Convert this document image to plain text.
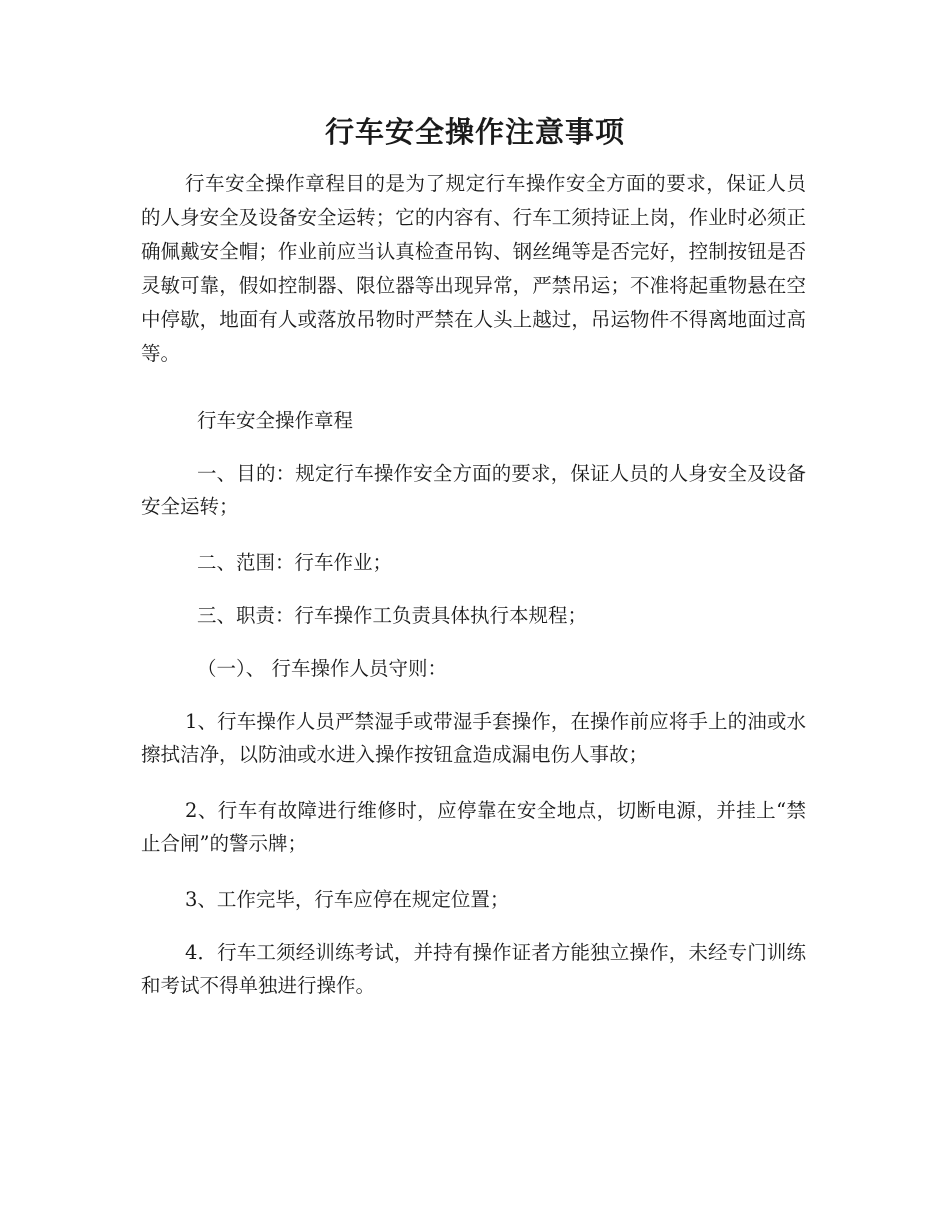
行车安全操作注意事项

行车安全操作章程目的是为了规定行车操作安全方面的要求，保证人员的人身安全及设备安全运转；它的内容有、行车工须持证上岗，作业时必须正确佩戴安全帽；作业前应当认真检查吊钩、钢丝绳等是否完好，控制按钮是否灵敏可靠，假如控制器、限位器等出现异常，严禁吊运；不准将起重物悬在空中停歇，地面有人或落放吊物时严禁在人头上越过，吊运物件不得离地面过高等。

行车安全操作章程

一、目的：规定行车操作安全方面的要求，保证人员的人身安全及设备安全运转；

二、范围：行车作业；

三、职责：行车操作工负责具体执行本规程；

（一）、 行车操作人员守则：

1、行车操作人员严禁湿手或带湿手套操作，在操作前应将手上的油或水擦拭洁净，以防油或水进入操作按钮盒造成漏电伤人事故；

2、行车有故障进行维修时，应停靠在安全地点，切断电源，并挂上“禁止合闸”的警示牌；

3、工作完毕，行车应停在规定位置；

4．行车工须经训练考试，并持有操作证者方能独立操作，未经专门训练和考试不得单独进行操作。
